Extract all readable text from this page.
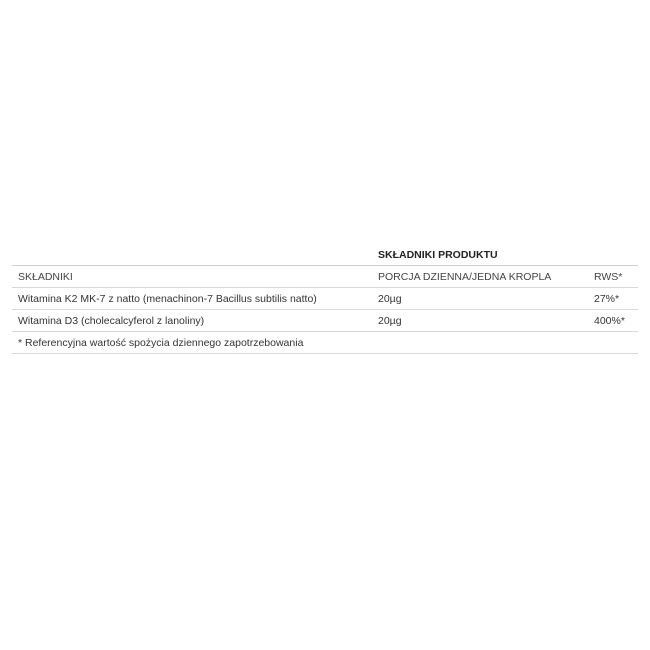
SKŁADNIKI PRODUKTU
SKŁADNIKI	PORCJA DZIENNA/JEDNA KROPLA	RWS*
Witamina K2 MK-7 z natto (menachinon-7 Bacillus subtilis natto)	20µg	27%*
Witamina D3 (cholecalcyferol z lanoliny)	20µg	400%*
* Referencyjna wartość spożycia dziennego zapotrzebowania
